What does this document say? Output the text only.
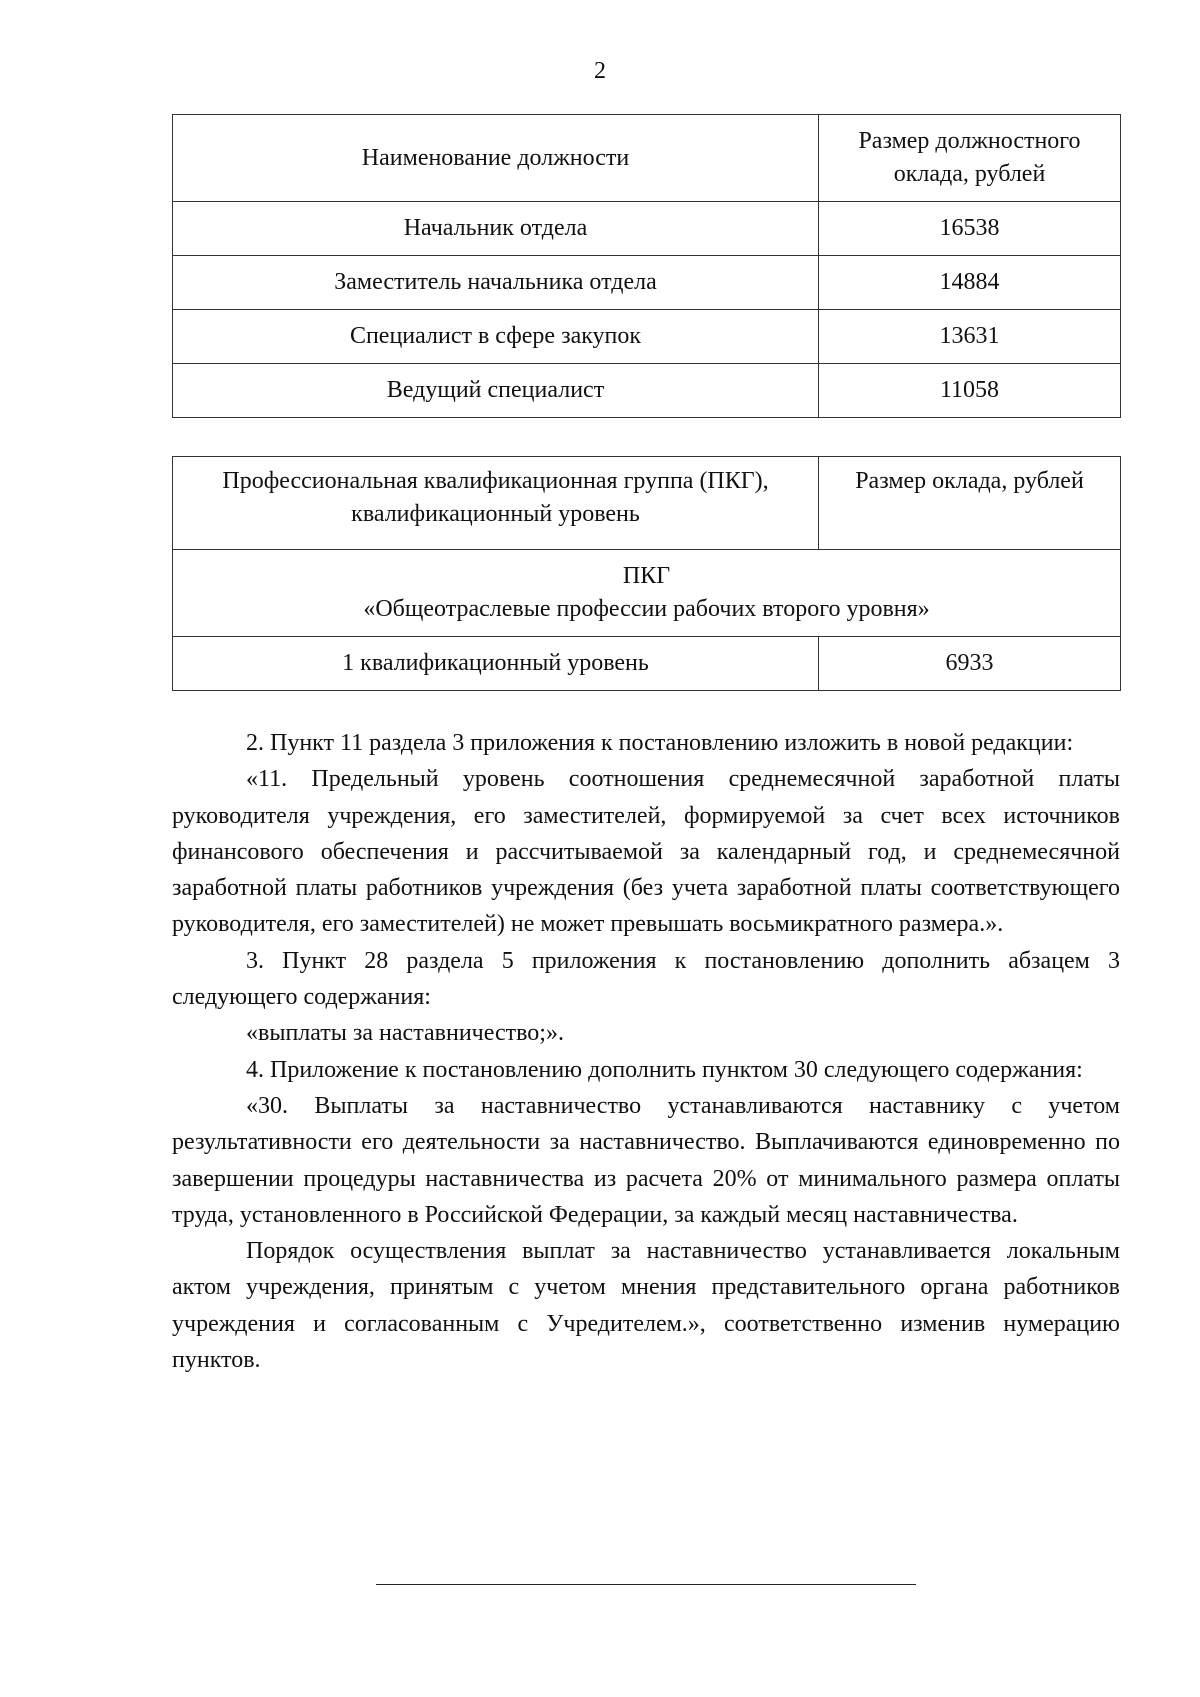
2
Наименование должности	Размер должностного оклада, рублей
Начальник отдела	16538
Заместитель начальника отдела	14884
Специалист в сфере закупок	13631
Ведущий специалист	11058
Профессиональная квалификационная группа (ПКГ), квалификационный уровень	Размер оклада, рублей

ПКГ
«Общеотраслевые профессии рабочих второго уровня»	

1 квалификационный уровень	6933

2. Пункт 11 раздела 3 приложения к постановлению изложить в новой редакции:

«11. Предельный уровень соотношения среднемесячной заработной платы руководителя учреждения, его заместителей, формируемой за счет всех источников финансового обеспечения и рассчитываемой за календарный год, и среднемесячной заработной платы работников учреждения (без учета заработной платы соответствующего руководителя, его заместителей) не может превышать восьмикратного размера.».

3. Пункт 28 раздела 5 приложения к постановлению дополнить абзацем 3 следующего содержания:

«выплаты за наставничество;».

4. Приложение к постановлению дополнить пунктом 30 следующего содержания:

«30. Выплаты за наставничество устанавливаются наставнику с учетом результативности его деятельности за наставничество. Выплачиваются единовременно по завершении процедуры наставничества из расчета 20% от минимального размера оплаты труда, установленного в Российской Федерации, за каждый месяц наставничества.

Порядок осуществления выплат за наставничество устанавливается локальным актом учреждения, принятым с учетом мнения представительного органа работников учреждения и согласованным с Учредителем.», соответственно изменив нумерацию пунктов.
